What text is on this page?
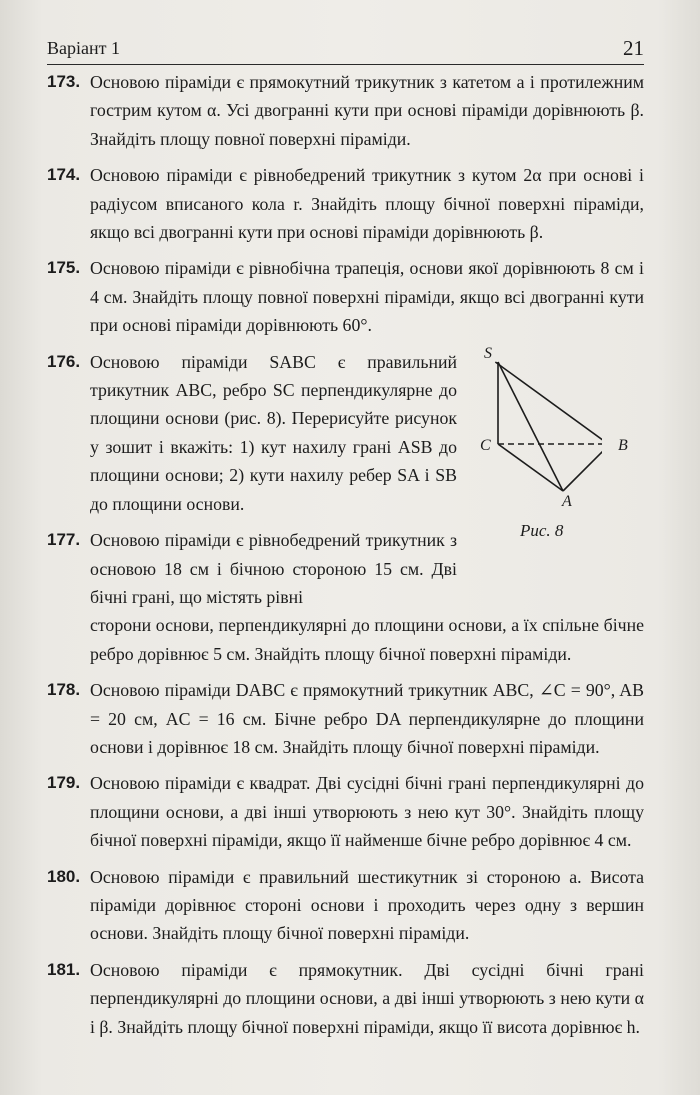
Варіант 1	21
173. Основою піраміди є прямокутний трикутник з катетом a і протилежним гострим кутом α. Усі двогранні кути при основі піраміди дорівнюють β. Знайдіть площу повної поверхні піраміди.
174. Основою піраміди є рівнобедрений трикутник з кутом 2α при основі і радіусом вписаного кола r. Знайдіть площу бічної поверхні піраміди, якщо всі двогранні кути при основі піраміди дорівнюють β.
175. Основою піраміди є рівнобічна трапеція, основи якої дорівнюють 8 см і 4 см. Знайдіть площу повної поверхні піраміди, якщо всі двогранні кути при основі піраміди дорівнюють 60°.
176. Основою піраміди SABC є правильний трикутник ABC, ребро SC перпендикулярне до площини основи (рис. 8). Перерисуйте рисунок у зошит і вкажіть: 1) кут нахилу грані ASB до площини основи; 2) кути нахилу ребер SA і SB до площини основи.
177. Основою піраміди є рівнобедрений трикутник з основою 18 см і бічною стороною 15 см. Дві бічні грані, що містять рівні
сторони основи, перпендикулярні до площини основи, а їх спільне бічне ребро дорівнює 5 см. Знайдіть площу бічної поверхні піраміди.
178. Основою піраміди DABC є прямокутний трикутник ABC, ∠C = 90°, AB = 20 см, AC = 16 см. Бічне ребро DA перпендикулярне до площини основи і дорівнює 18 см. Знайдіть площу бічної поверхні піраміди.
179. Основою піраміди є квадрат. Дві сусідні бічні грані перпендикулярні до площини основи, а дві інші утворюють з нею кут 30°. Знайдіть площу бічної поверхні піраміди, якщо її найменше бічне ребро дорівнює 4 см.
180. Основою піраміди є правильний шестикутник зі стороною a. Висота піраміди дорівнює стороні основи і проходить через одну з вершин основи. Знайдіть площу бічної поверхні піраміди.
181. Основою піраміди є прямокутник. Дві сусідні бічні грані перпендикулярні до площини основи, а дві інші утворюють з нею кути α і β. Знайдіть площу бічної поверхні піраміди, якщо її висота дорівнює h.
S
C	B
A
Рис. 8
